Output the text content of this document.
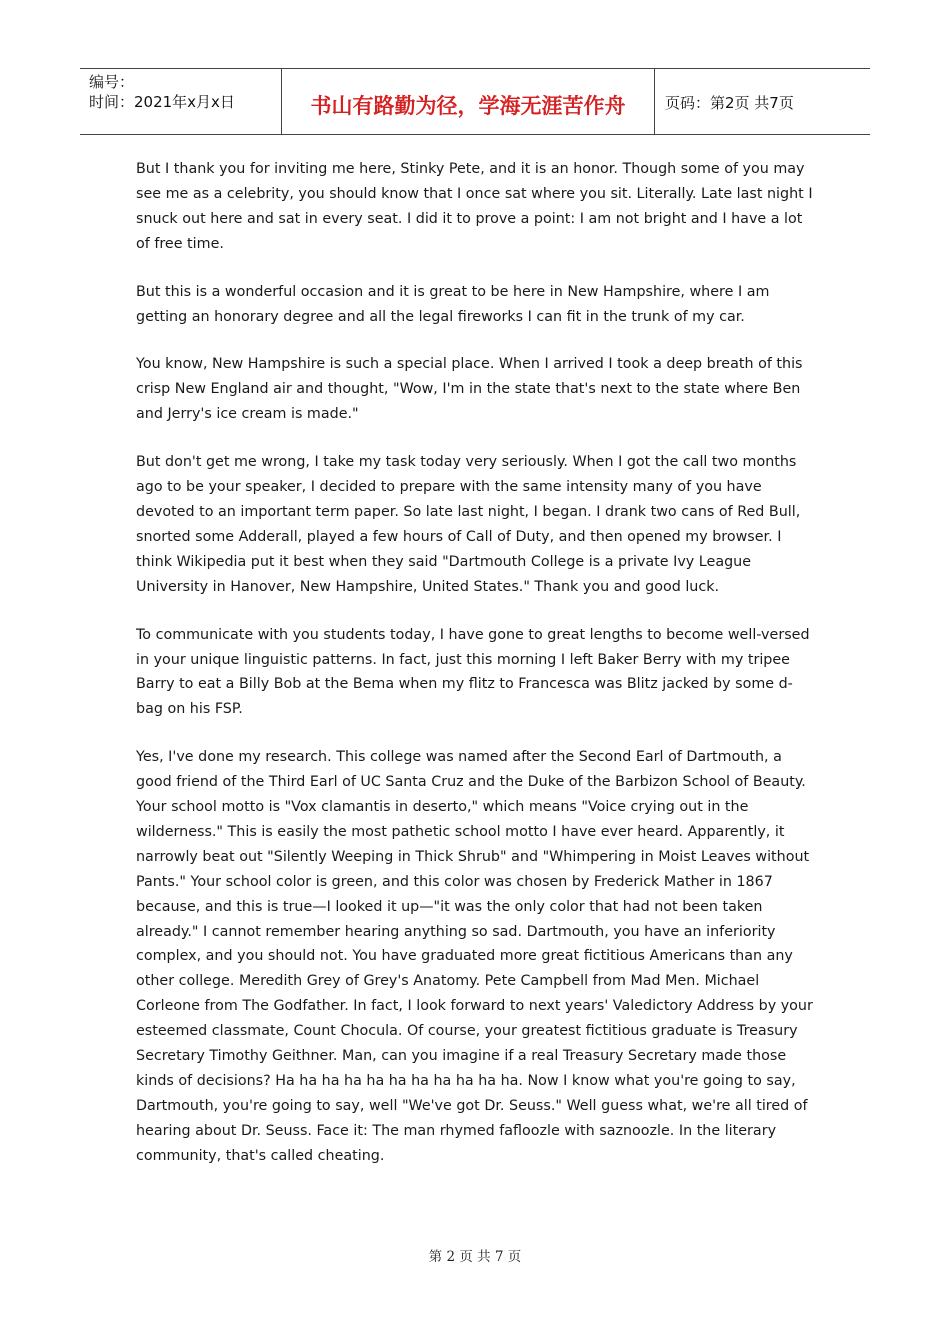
编号：
时间：2021年x月x日	书山有路勤为径，学海无涯苦作舟	页码：第2页 共7页

But I thank you for inviting me here, Stinky Pete, and it is an honor. Though some of you may see me as a celebrity, you should know that I once sat where you sit. Literally. Late last night I snuck out here and sat in every seat. I did it to prove a point: I am not bright and I have a lot of free time.

But this is a wonderful occasion and it is great to be here in New Hampshire, where I am getting an honorary degree and all the legal fireworks I can fit in the trunk of my car.

You know, New Hampshire is such a special place. When I arrived I took a deep breath of this crisp New England air and thought, "Wow, I'm in the state that's next to the state where Ben and Jerry's ice cream is made."

But don't get me wrong, I take my task today very seriously. When I got the call two months ago to be your speaker, I decided to prepare with the same intensity many of you have devoted to an important term paper. So late last night, I began. I drank two cans of Red Bull, snorted some Adderall, played a few hours of Call of Duty, and then opened my browser. I think Wikipedia put it best when they said "Dartmouth College is a private Ivy League University in Hanover, New Hampshire, United States." Thank you and good luck.

To communicate with you students today, I have gone to great lengths to become well-versed in your unique linguistic patterns. In fact, just this morning I left Baker Berry with my tripee Barry to eat a Billy Bob at the Bema when my flitz to Francesca was Blitz jacked by some d-bag on his FSP.

Yes, I've done my research. This college was named after the Second Earl of Dartmouth, a good friend of the Third Earl of UC Santa Cruz and the Duke of the Barbizon School of Beauty. Your school motto is "Vox clamantis in deserto," which means "Voice crying out in the wilderness." This is easily the most pathetic school motto I have ever heard. Apparently, it narrowly beat out "Silently Weeping in Thick Shrub" and "Whimpering in Moist Leaves without Pants." Your school color is green, and this color was chosen by Frederick Mather in 1867 because, and this is true—I looked it up—"it was the only color that had not been taken already." I cannot remember hearing anything so sad. Dartmouth, you have an inferiority complex, and you should not. You have graduated more great fictitious Americans than any other college. Meredith Grey of Grey's Anatomy. Pete Campbell from Mad Men. Michael Corleone from The Godfather. In fact, I look forward to next years' Valedictory Address by your esteemed classmate, Count Chocula. Of course, your greatest fictitious graduate is Treasury Secretary Timothy Geithner. Man, can you imagine if a real Treasury Secretary made those kinds of decisions? Ha ha ha ha ha ha ha ha ha ha ha. Now I know what you're going to say, Dartmouth, you're going to say, well "We've got Dr. Seuss." Well guess what, we're all tired of hearing about Dr. Seuss. Face it: The man rhymed fafloozle with saznoozle. In the literary community, that's called cheating.

第 2 页 共 7 页
